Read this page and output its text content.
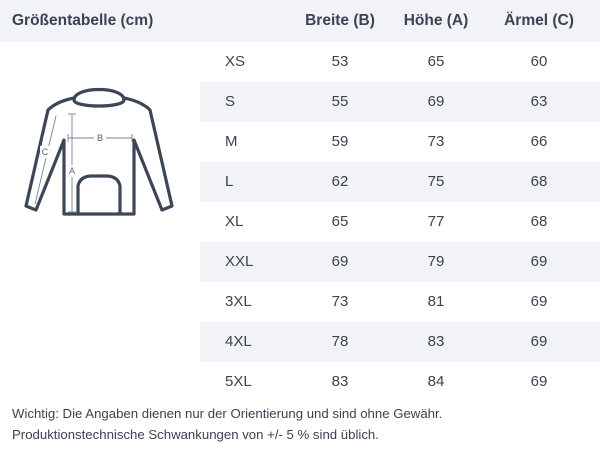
Größentabelle (cm)	Breite (B)	Höhe (A)	Ärmel (C)
B
A
C
XS	53	65	60
S	55	69	63
M	59	73	66
L	62	75	68
XL	65	77	68
XXL	69	79	69
3XL	73	81	69
4XL	78	83	69
5XL	83	84	69
Wichtig: Die Angaben dienen nur der Orientierung und sind ohne Gewähr.
Produktionstechnische Schwankungen von +/- 5 % sind üblich.
